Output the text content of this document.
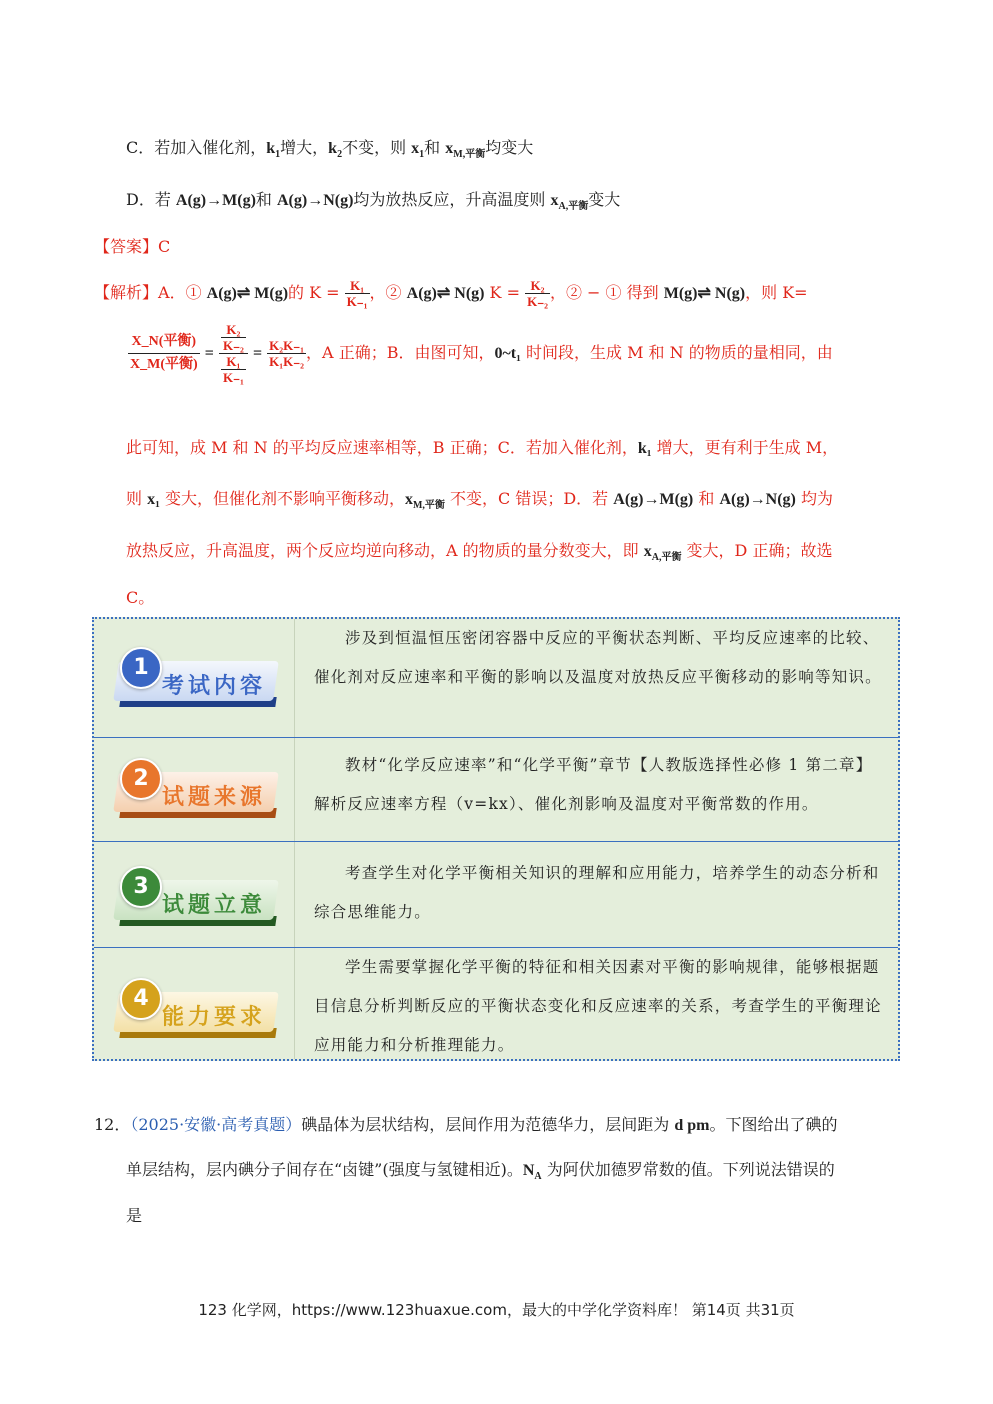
C．若加入催化剂，$k_1$增大，$k_2$不变，则 $x_1$和 $x_{M,平衡}$均变大
D．若 A(g)→M(g)和 A(g)→N(g)均为放热反应，升高温度则 $x_{A,平衡}$变大
【答案】C
【解析】A．① A(g)⇌ M(g)的 $K = \frac{\text{K₁}}{\text{K₋₁}}$ ，② A(g)⇌ N(g) $K = \frac{\text{K₂}}{\text{K₋₂}}$ ，② − ① 得到 M(g)⇌ N(g)，则 K=
$\frac{\text{X\_N(平衡)}}{\text{X\_M(平衡)}} = \frac{\frac{\text{K₂}}{\text{K₋₂}}}{\frac{\text{K₁}}{\text{K₋₁}}} = \frac{\text{K₂K₋₁}}{\text{K₁K₋₂}}$ ，A 正确；B．由图可知，0~t₁ 时间段，生成 M 和 N 的物质的量相同，由
此可知，成 M 和 N 的平均反应速率相等，B 正确；C．若加入催化剂，k₁ 增大，更有利于生成 M，
则 x₁ 变大，但催化剂不影响平衡移动，$x_{M,平衡}$ 不变，C 错误；D．若 A(g)→M(g) 和 A(g)→N(g) 均为
放热反应，升高温度，两个反应均逆向移动，A 的物质的量分数变大，即 $x_{A,平衡}$ 变大，D 正确；故选
C。
1
考试内容
涉及到恒温恒压密闭容器中反应的平衡状态判断、平均反应速率的比较、催化剂对反应速率和平衡的影响以及温度对放热反应平衡移动的影响等知识。
2
试题来源
教材“化学反应速率”和“化学平衡”章节【人教版选择性必修 1 第二章】解析反应速率方程（v=kx）、催化剂影响及温度对平衡常数的作用。
3
试题立意
考查学生对化学平衡相关知识的理解和应用能力，培养学生的动态分析和综合思维能力。
4
能力要求
学生需要掌握化学平衡的特征和相关因素对平衡的影响规律，能够根据题目信息分析判断反应的平衡状态变化和反应速率的关系，考查学生的平衡理论应用能力和分析推理能力。
12．（2025·安徽·高考真题）碘晶体为层状结构，层间作用为范德华力，层间距为 d pm。下图给出了碘的
单层结构，层内碘分子间存在“卤键”(强度与氢键相近)。$N_A$ 为阿伏加德罗常数的值。下列说法错误的
是
123 化学网，https://www.123huaxue.com，最大的中学化学资料库！ 第14页 共31页
